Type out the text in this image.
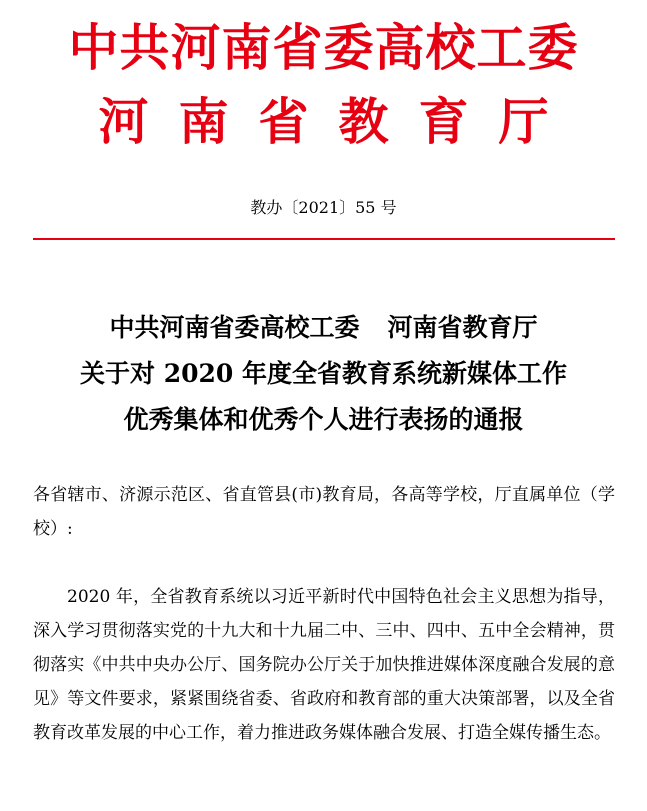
中共河南省委高校工委
河南省教育厅
教办〔2021〕55 号
中共河南省委高校工委 河南省教育厅
关于对 2020 年度全省教育系统新媒体工作
优秀集体和优秀个人进行表扬的通报
各省辖市、济源示范区、省直管县(市)教育局，各高等学校，厅直属单位（学校）:
2020 年，全省教育系统以习近平新时代中国特色社会主义思想为指导，深入学习贯彻落实党的十九大和十九届二中、三中、四中、五中全会精神，贯彻落实《中共中央办公厅、国务院办公厅关于加快推进媒体深度融合发展的意见》等文件要求，紧紧围绕省委、省政府和教育部的重大决策部署，以及全省教育改革发展的中心工作，着力推进政务媒体融合发展、打造全媒传播生态。
